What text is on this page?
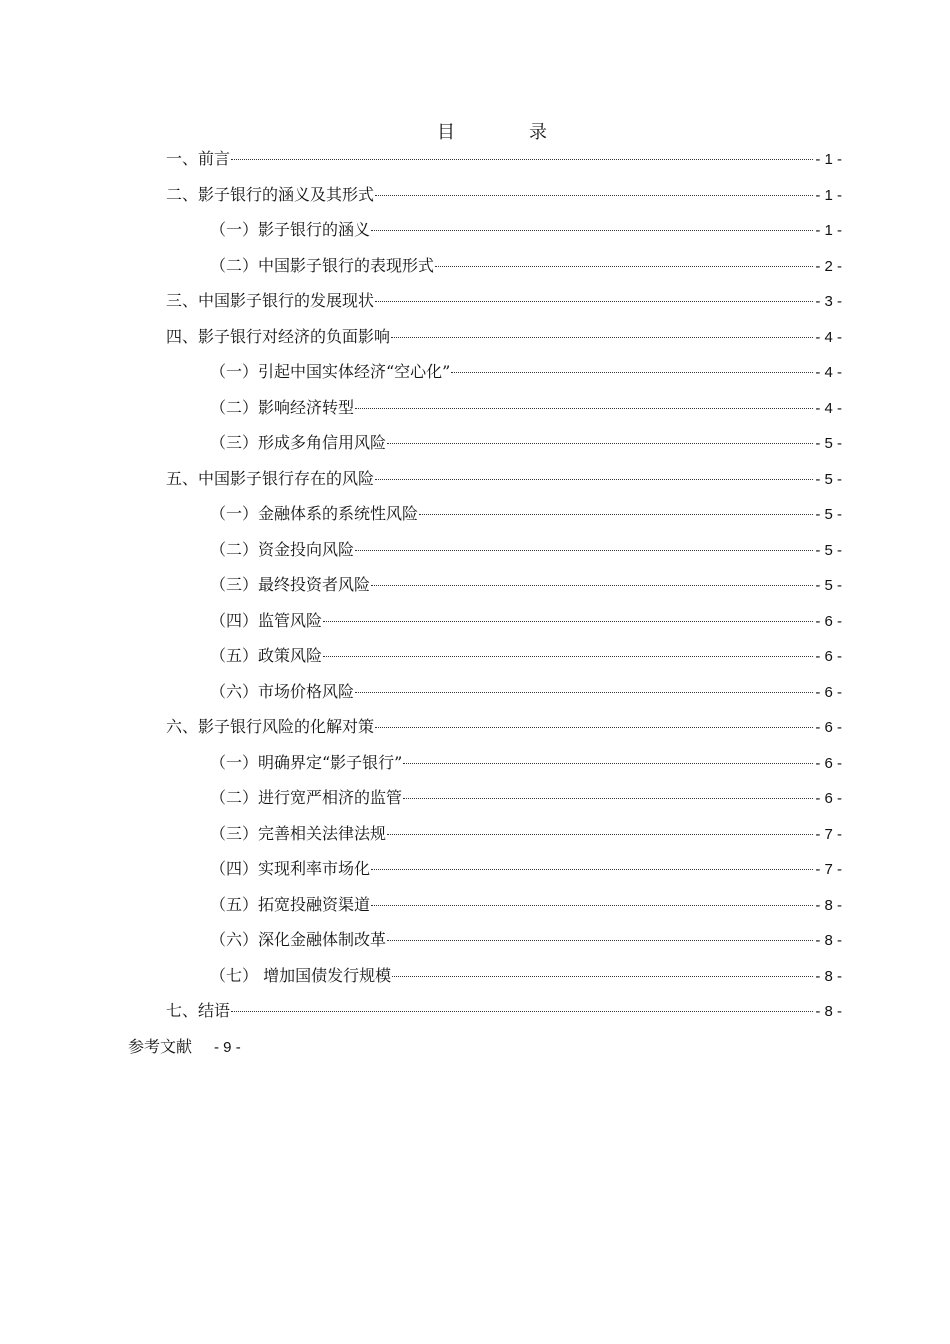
目　录
一、前言	- 1 -
二、影子银行的涵义及其形式	- 1 -
（一）影子银行的涵义	- 1 -
（二）中国影子银行的表现形式	- 2 -
三、中国影子银行的发展现状	- 3 -
四、影子银行对经济的负面影响	- 4 -
（一）引起中国实体经济“空心化”	- 4 -
（二）影响经济转型	- 4 -
（三）形成多角信用风险	- 5 -
五、中国影子银行存在的风险	- 5 -
（一）金融体系的系统性风险	- 5 -
（二）资金投向风险	- 5 -
（三）最终投资者风险	- 5 -
（四）监管风险	- 6 -
（五）政策风险	- 6 -
（六）市场价格风险	- 6 -
六、影子银行风险的化解对策	- 6 -
（一）明确界定“影子银行”	- 6 -
（二）进行宽严相济的监管	- 6 -
（三）完善相关法律法规	- 7 -
（四）实现利率市场化	- 7 -
（五）拓宽投融资渠道	- 8 -
（六）深化金融体制改革	- 8 -
（七） 增加国债发行规模	- 8 -
七、结语	- 8 -
参考文献 - 9 -
